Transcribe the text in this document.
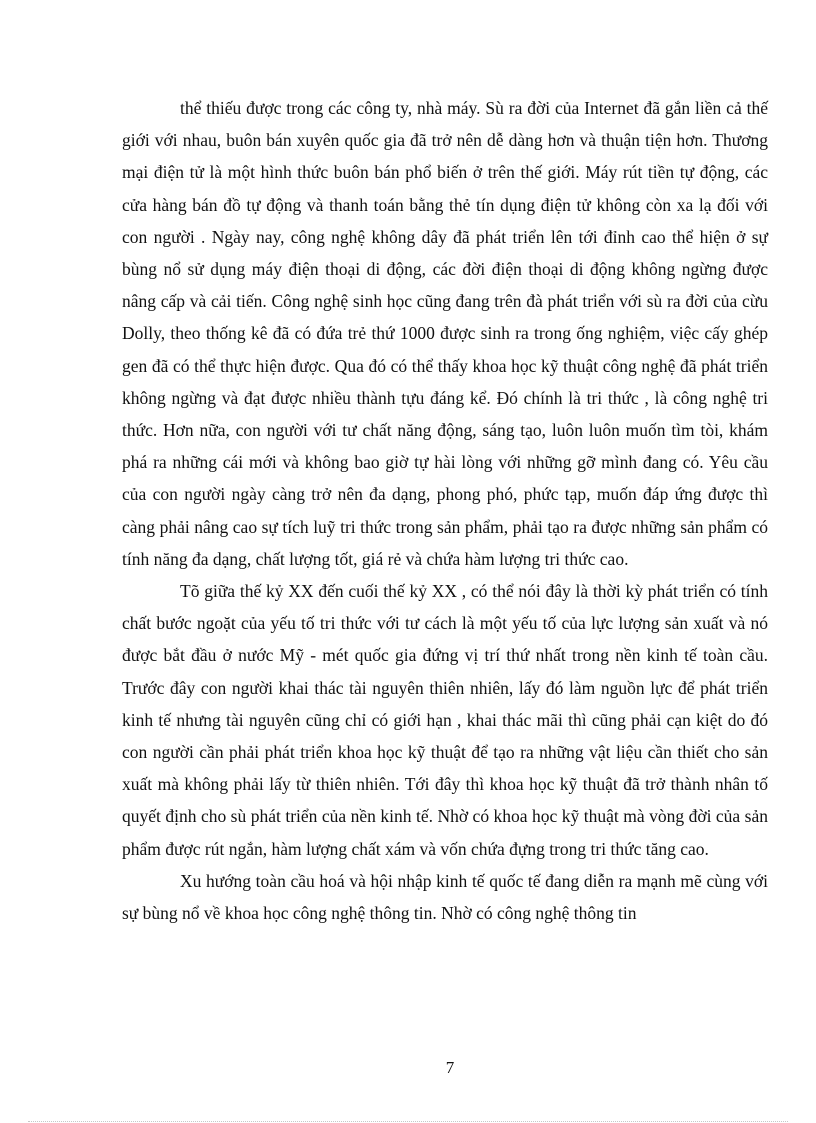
thể thiếu được trong các công ty, nhà máy. Sù ra đời của Internet đã gắn liền cả thế giới với nhau, buôn bán xuyên quốc gia đã trở nên dễ dàng hơn và thuận tiện hơn. Thương mại điện tử là một hình thức buôn bán phổ biến ở trên thế giới. Máy rút tiền tự động, các cửa hàng bán đồ tự động và thanh toán bằng thẻ tín dụng điện tử không còn xa lạ đối với con người . Ngày nay, công nghệ không dây đã phát triển lên tới đỉnh cao thể hiện ở sự bùng nổ sử dụng máy điện thoại di động, các đời điện thoại di động không ngừng được nâng cấp và cải tiến. Công nghệ sinh học cũng đang trên đà phát triển với sù ra đời của cừu Dolly, theo thống kê đã có đứa trẻ thứ 1000 được sinh ra trong ống nghiệm, việc cấy ghép gen đã có thể thực hiện được. Qua đó có thể thấy khoa học kỹ thuật công nghệ đã phát triển không ngừng và đạt được nhiều thành tựu đáng kể. Đó chính là tri thức , là công nghệ tri thức. Hơn nữa, con người với tư chất năng động, sáng tạo, luôn luôn muốn tìm tòi, khám phá ra những cái mới và không bao giờ tự hài lòng với những gỡ mình đang có. Yêu cầu của con người ngày càng trở nên đa dạng, phong phó, phức tạp, muốn đáp ứng được thì càng phải nâng cao sự tích luỹ tri thức trong sản phẩm, phải tạo ra được những sản phẩm có tính năng đa dạng, chất lượng tốt, giá rẻ và chứa hàm lượng tri thức cao.

Tõ giữa thế kỷ XX đến cuối thế kỷ XX , có thể nói đây là thời kỳ phát triển có tính chất bước ngoặt của yếu tố tri thức với tư cách là một yếu tố của lực lượng sản xuất và nó được bắt đầu ở nước Mỹ - mét quốc gia đứng vị trí thứ nhất trong nền kinh tế toàn cầu. Trước đây con người khai thác tài nguyên thiên nhiên, lấy đó làm nguồn lực để phát triển kinh tế nhưng tài nguyên cũng chỉ có giới hạn , khai thác mãi thì cũng phải cạn kiệt do đó con người cần phải phát triển khoa học kỹ thuật để tạo ra những vật liệu cần thiết cho sản xuất mà không phải lấy từ thiên nhiên. Tới đây thì khoa học kỹ thuật đã trở thành nhân tố quyết định cho sù phát triển của nền kinh tế. Nhờ có khoa học kỹ thuật mà vòng đời của sản phẩm được rút ngắn, hàm lượng chất xám và vốn chứa đựng trong tri thức tăng cao.

Xu hướng toàn cầu hoá và hội nhập kinh tế quốc tế đang diễn ra mạnh mẽ cùng với sự bùng nổ về khoa học công nghệ thông tin. Nhờ có công nghệ thông tin

7
